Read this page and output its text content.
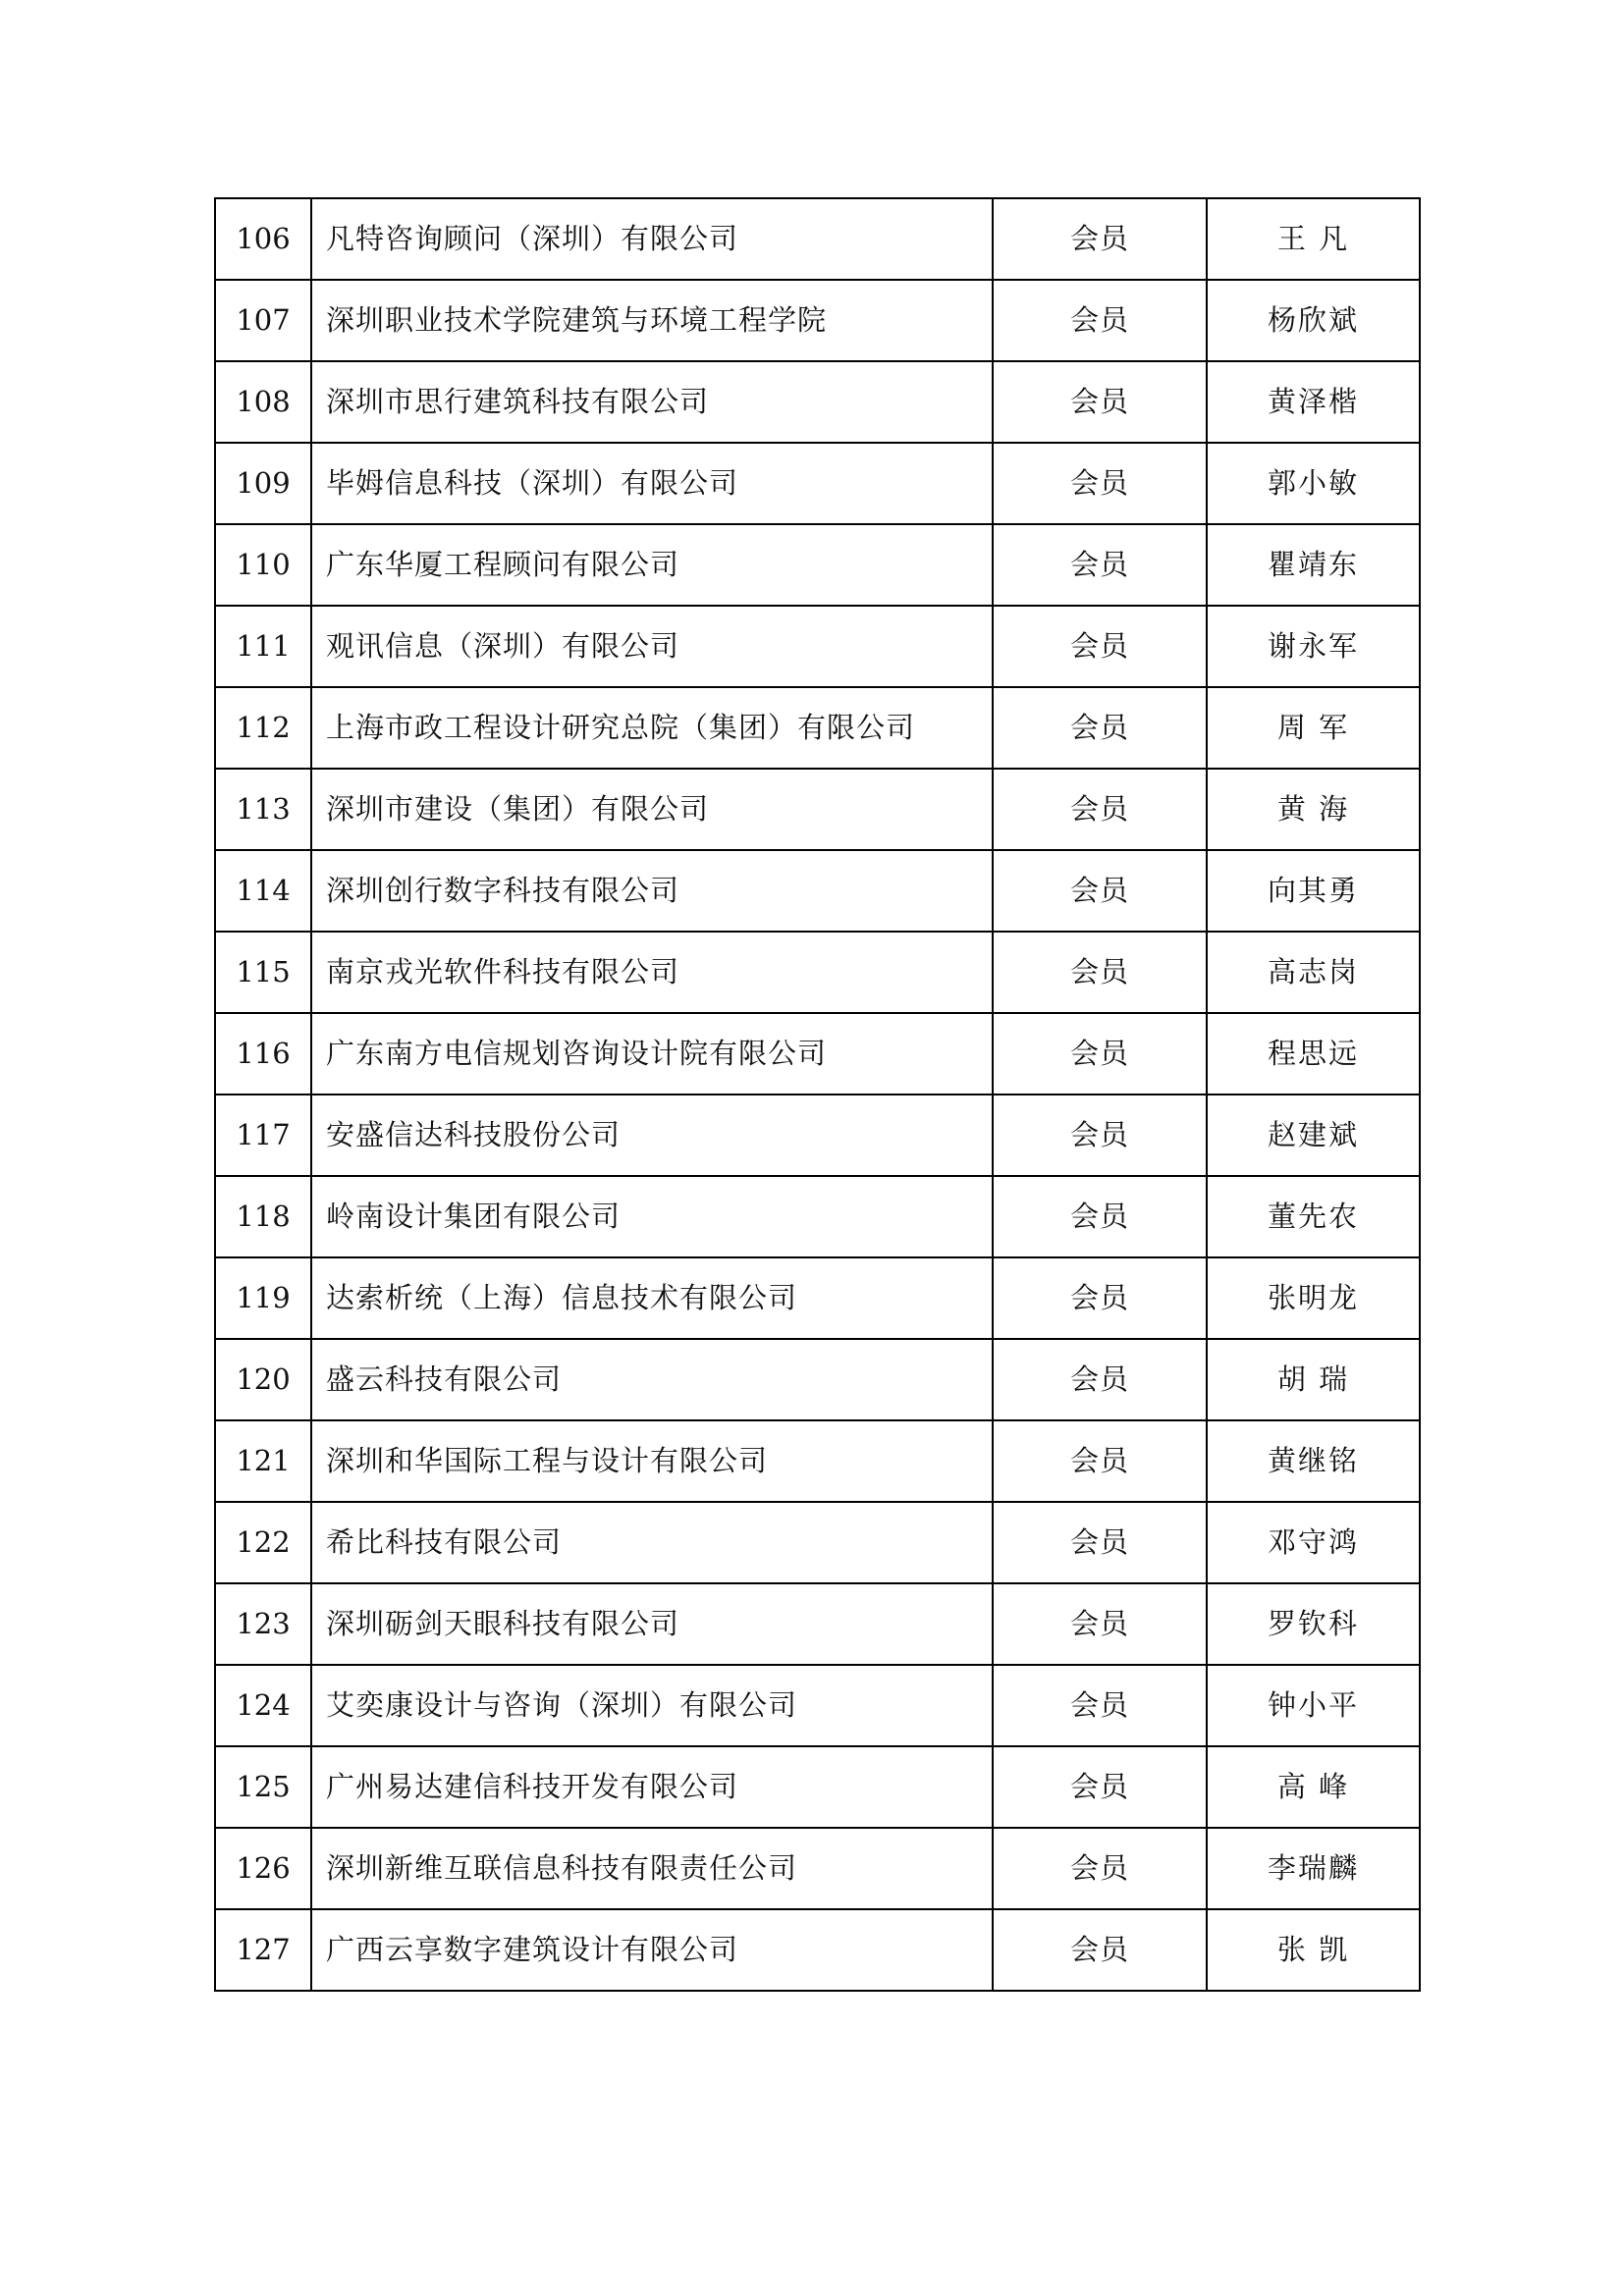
106	凡特咨询顾问（深圳）有限公司	会员	王 凡
107	深圳职业技术学院建筑与环境工程学院	会员	杨欣斌
108	深圳市思行建筑科技有限公司	会员	黄泽楷
109	毕姆信息科技（深圳）有限公司	会员	郭小敏
110	广东华厦工程顾问有限公司	会员	瞿靖东
111	观讯信息（深圳）有限公司	会员	谢永军
112	上海市政工程设计研究总院（集团）有限公司	会员	周 军
113	深圳市建设（集团）有限公司	会员	黄 海
114	深圳创行数字科技有限公司	会员	向其勇
115	南京戎光软件科技有限公司	会员	高志岗
116	广东南方电信规划咨询设计院有限公司	会员	程思远
117	安盛信达科技股份公司	会员	赵建斌
118	岭南设计集团有限公司	会员	董先农
119	达索析统（上海）信息技术有限公司	会员	张明龙
120	盛云科技有限公司	会员	胡 瑞
121	深圳和华国际工程与设计有限公司	会员	黄继铭
122	希比科技有限公司	会员	邓守鸿
123	深圳砺剑天眼科技有限公司	会员	罗钦科
124	艾奕康设计与咨询（深圳）有限公司	会员	钟小平
125	广州易达建信科技开发有限公司	会员	高 峰
126	深圳新维互联信息科技有限责任公司	会员	李瑞麟
127	广西云享数字建筑设计有限公司	会员	张 凯
